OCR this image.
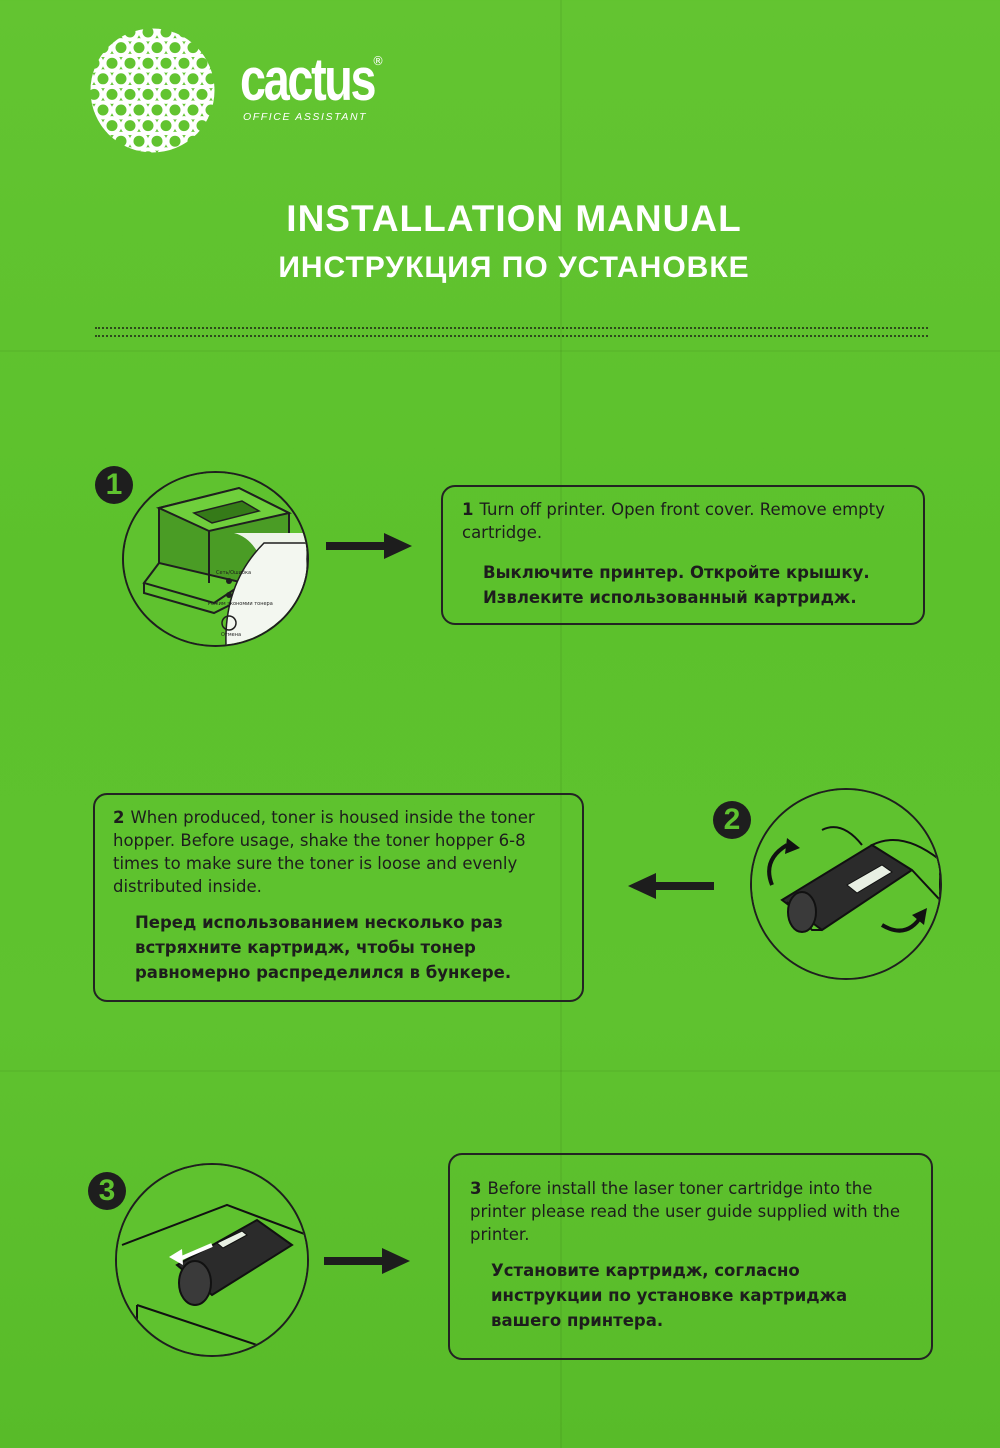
cactus
®
OFFICE ASSISTANT
INSTALLATION MANUAL
ИНСТРУКЦИЯ ПО УСТАНОВКЕ
1
Сеть/Ошибка
Режим экономии тонера
Отмена
1 Turn off printer. Open front cover. Remove empty cartridge.
Выключите принтер. Откройте крышку. Извлеките использованный картридж.
2 When produced, toner is housed inside the toner hopper. Before usage, shake the toner hopper 6-8 times to make sure the toner is loose and evenly distributed inside.
Перед использованием несколько раз встряхните картридж, чтобы тонер равномерно распределился в бункере.
2
3	3 Before install the laser toner cartridge into the printer please read the user guide supplied with the printer.
Установите картридж, согласно инструкции по установке картриджа вашего принтера.
